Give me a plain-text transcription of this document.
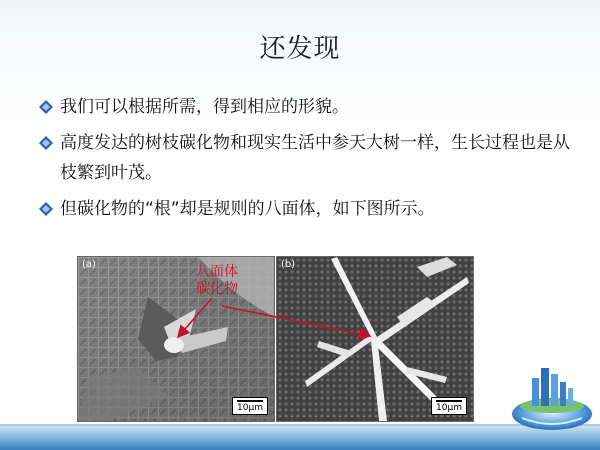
还发现
我们可以根据所需，得到相应的形貌。
高度发达的树枝碳化物和现实生活中参天大树一样，生长过程也是从枝繁到叶茂。
但碳化物的“根”却是规则的八面体，如下图所示。
(a)
10μm
(b)
10μm
八面体
碳化物
